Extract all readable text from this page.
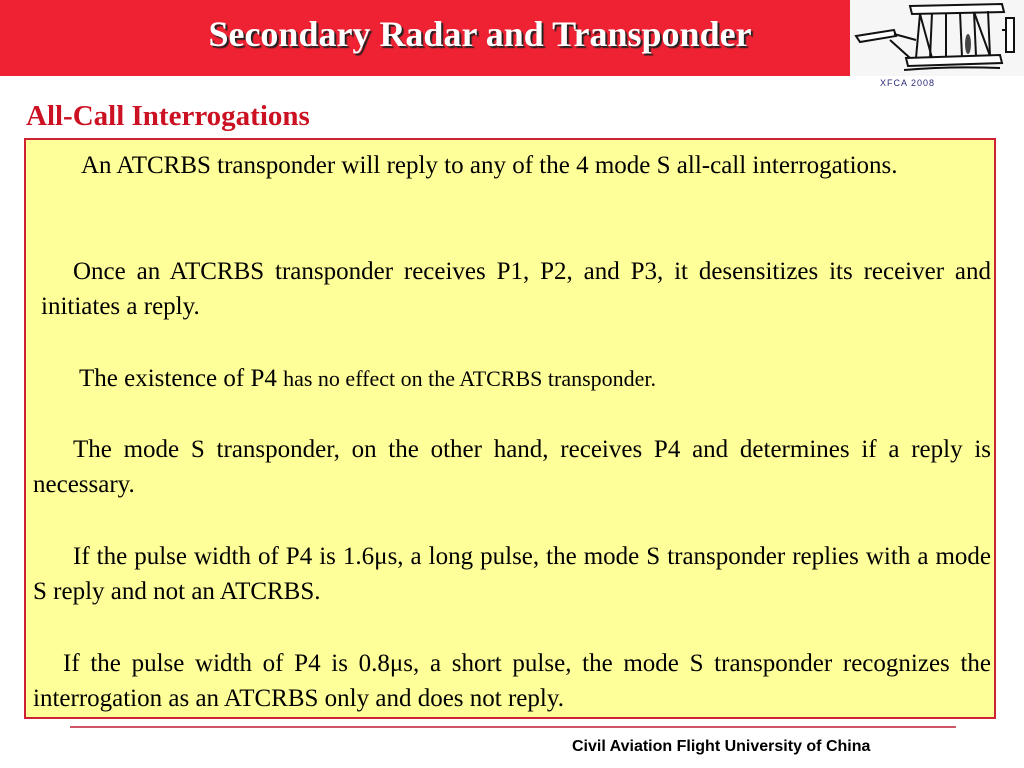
Secondary Radar and Transponder
XFCA 2008
All-Call Interrogations

An ATCRBS transponder will reply to any of the 4 mode S all-call interrogations.

Once an ATCRBS transponder receives P1, P2, and P3, it desensitizes its receiver and initiates a reply.

The existence of P4 has no effect on the ATCRBS transponder.

The mode S transponder, on the other hand, receives P4 and determines if a reply is necessary.

If the pulse width of P4 is 1.6μs, a long pulse, the mode S transponder replies with a mode S reply and not an ATCRBS.

If the pulse width of P4 is 0.8μs, a short pulse, the mode S transponder recognizes the interrogation as an ATCRBS only and does not reply.

Civil Aviation Flight University of China
